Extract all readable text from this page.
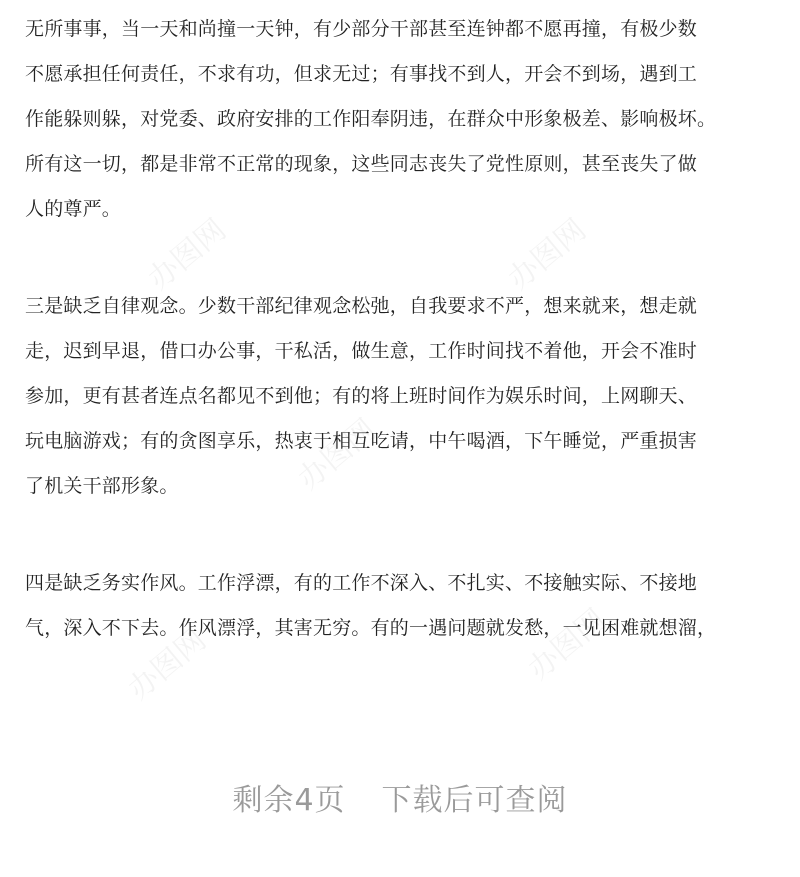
无所事事，当一天和尚撞一天钟，有少部分干部甚至连钟都不愿再撞，有极少数
不愿承担任何责任，不求有功，但求无过；有事找不到人，开会不到场，遇到工
作能躲则躲，对党委、政府安排的工作阳奉阴违，在群众中形象极差、影响极坏。
所有这一切，都是非常不正常的现象，这些同志丧失了党性原则，甚至丧失了做
人的尊严。
三是缺乏自律观念。少数干部纪律观念松弛，自我要求不严，想来就来，想走就
走，迟到早退，借口办公事，干私活，做生意，工作时间找不着他，开会不准时
参加，更有甚者连点名都见不到他；有的将上班时间作为娱乐时间，上网聊天、
玩电脑游戏；有的贪图享乐，热衷于相互吃请，中午喝酒，下午睡觉，严重损害
了机关干部形象。
四是缺乏务实作风。工作浮漂，有的工作不深入、不扎实、不接触实际、不接地
气，深入不下去。作风漂浮，其害无穷。有的一遇问题就发愁，一见困难就想溜，
剩余4页 下载后可查阅
